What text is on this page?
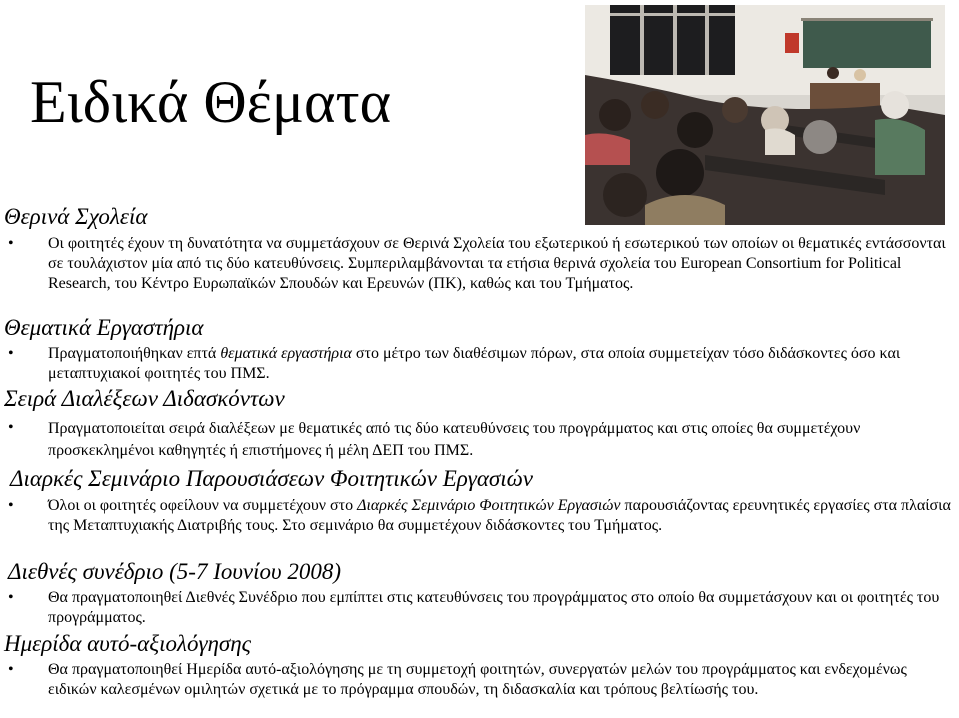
Ειδικά Θέματα
Θερινά Σχολεία
• Οι φοιτητές έχουν τη δυνατότητα να συμμετάσχουν σε Θερινά Σχολεία του εξωτερικού ή εσωτερικού των οποίων οι θεματικές εντάσσονται σε τουλάχιστον μία από τις δύο κατευθύνσεις. Συμπεριλαμβάνονται τα ετήσια θερινά σχολεία του European Consortium for Political Research, του Κέντρο Ευρωπαϊκών Σπουδών και Ερευνών (ΠΚ), καθώς και του Τμήματος.

Θεματικά Εργαστήρια
• Πραγματοποιήθηκαν επτά θεματικά εργαστήρια στο μέτρο των διαθέσιμων πόρων, στα οποία συμμετείχαν τόσο διδάσκοντες όσο και μεταπτυχιακοί φοιτητές του ΠΜΣ.

Σειρά Διαλέξεων Διδασκόντων
• Πραγματοποιείται σειρά διαλέξεων με θεματικές από τις δύο κατευθύνσεις του προγράμματος και στις οποίες θα συμμετέχουν προσκεκλημένοι καθηγητές ή επιστήμονες ή μέλη ΔΕΠ του ΠΜΣ.

Διαρκές Σεμινάριο Παρουσιάσεων Φοιτητικών Εργασιών
• Όλοι οι φοιτητές οφείλουν να συμμετέχουν στο Διαρκές Σεμινάριο Φοιτητικών Εργασιών παρουσιάζοντας ερευνητικές εργασίες στα πλαίσια της Μεταπτυχιακής Διατριβής τους. Στο σεμινάριο θα συμμετέχουν διδάσκοντες του Τμήματος.

Διεθνές συνέδριο (5-7 Ιουνίου 2008)
• Θα πραγματοποιηθεί Διεθνές Συνέδριο που εμπίπτει στις κατευθύνσεις του προγράμματος στο οποίο θα συμμετάσχουν και οι φοιτητές του προγράμματος.

Ημερίδα αυτό-αξιολόγησης
• Θα πραγματοποιηθεί Ημερίδα αυτό-αξιολόγησης με τη συμμετοχή φοιτητών, συνεργατών μελών του προγράμματος και ενδεχομένως ειδικών καλεσμένων ομιλητών σχετικά με το πρόγραμμα σπουδών, τη διδασκαλία και τρόπους βελτίωσής του.
